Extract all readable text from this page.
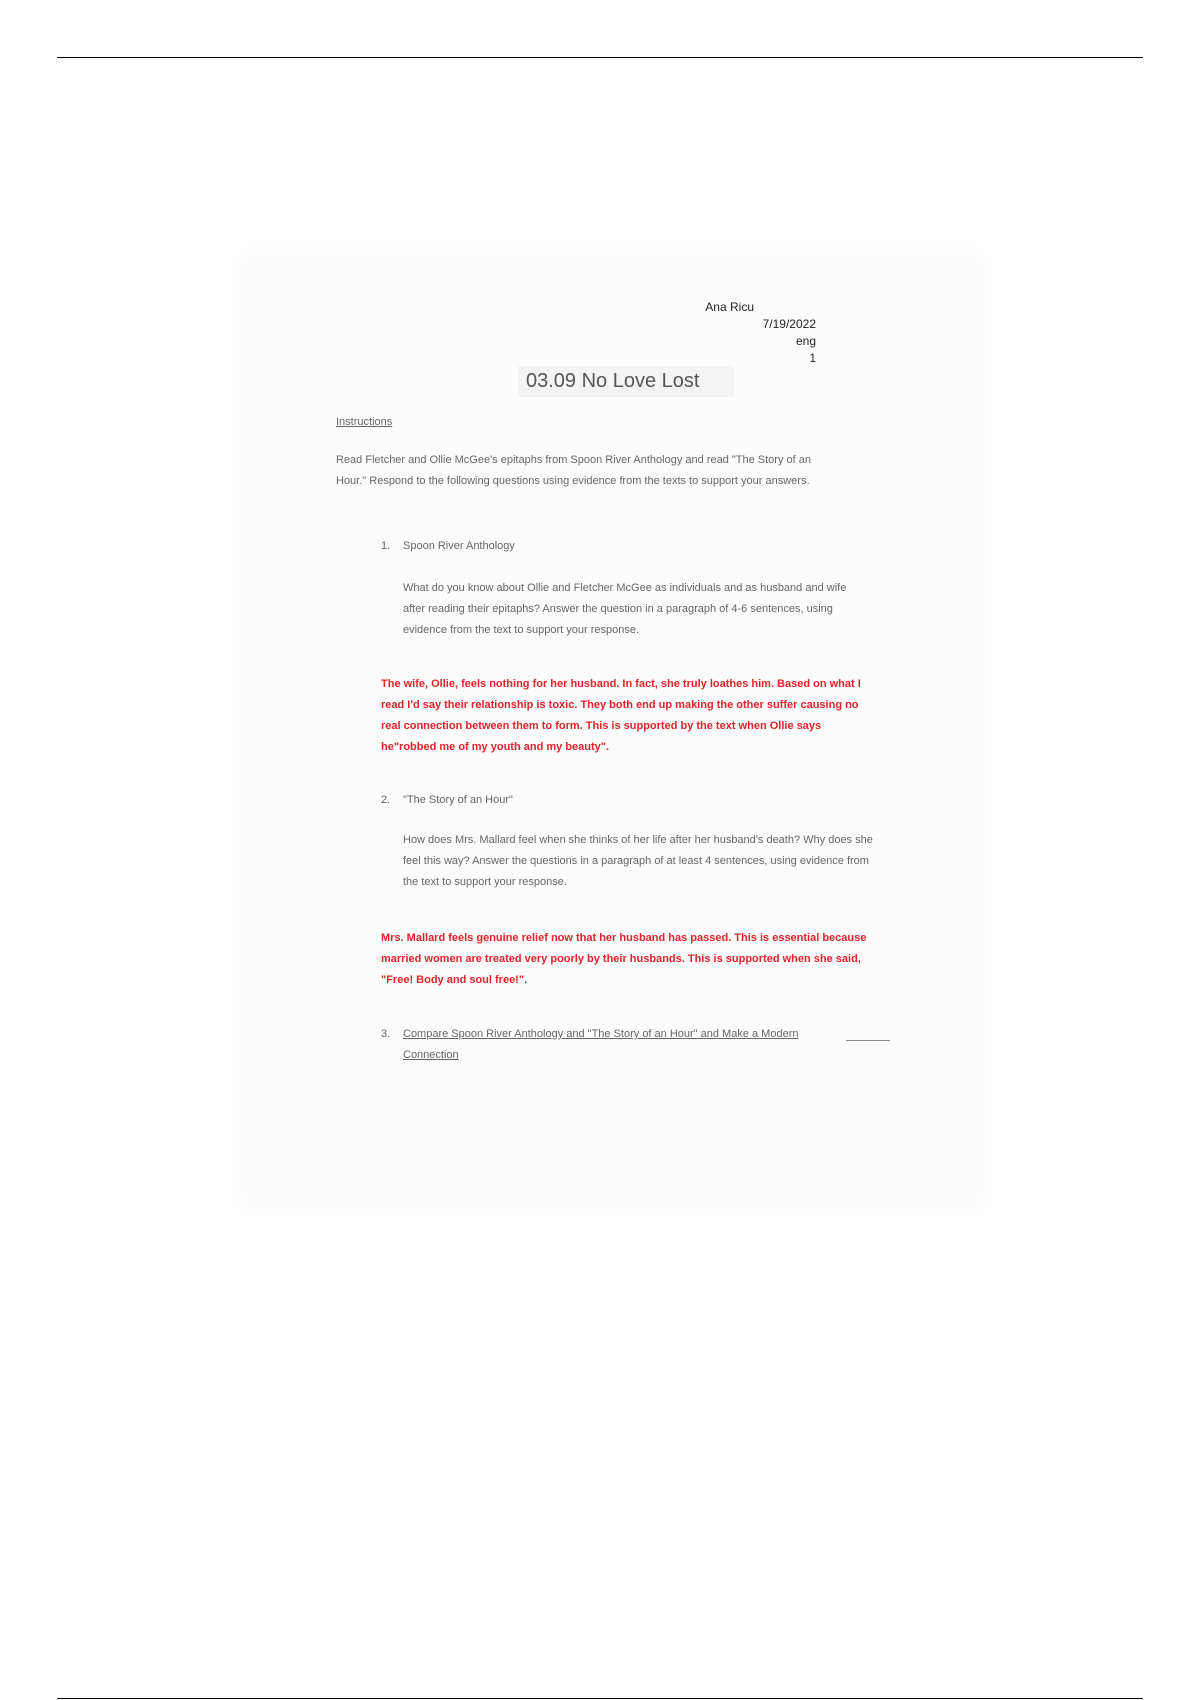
Ana Ricu
7/19/2022
eng
1
03.09 No Love Lost
Instructions
Read Fletcher and Ollie McGee's epitaphs from Spoon River Anthology and read "The Story of an Hour." Respond to the following questions using evidence from the texts to support your answers.
1. Spoon River Anthology
What do you know about Ollie and Fletcher McGee as individuals and as husband and wife after reading their epitaphs? Answer the question in a paragraph of 4-6 sentences, using evidence from the text to support your response.
The wife, Ollie, feels nothing for her husband. In fact, she truly loathes him. Based on what I read I'd say their relationship is toxic. They both end up making the other suffer causing no real connection between them to form. This is supported by the text when Ollie says he"robbed me of my youth and my beauty".
2. "The Story of an Hour"
How does Mrs. Mallard feel when she thinks of her life after her husband's death? Why does she feel this way? Answer the questions in a paragraph of at least 4 sentences, using evidence from the text to support your response.
Mrs. Mallard feels genuine relief now that her husband has passed. This is essential because married women are treated very poorly by their husbands. This is supported when she said, "Free! Body and soul free!".
3. Compare Spoon River Anthology and "The Story of an Hour" and Make a Modern Connection
